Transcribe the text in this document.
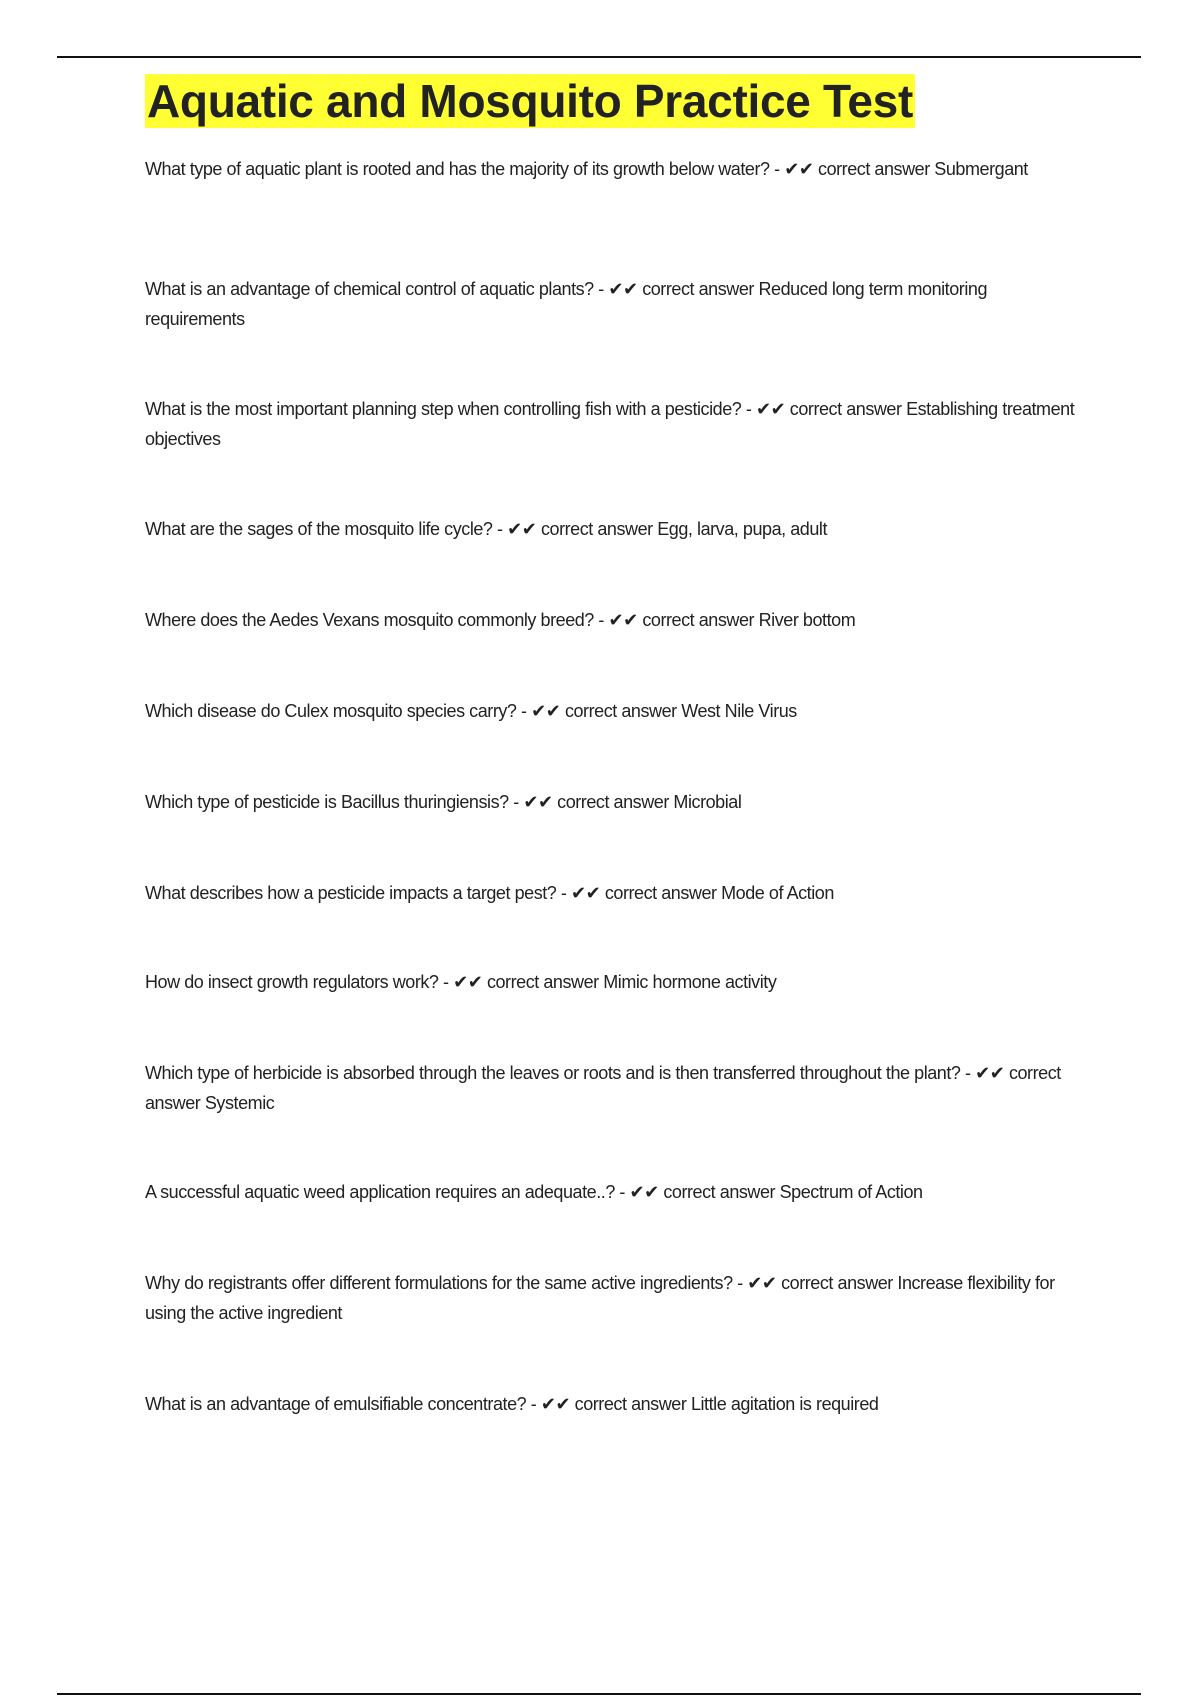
Aquatic and Mosquito Practice Test
What type of aquatic plant is rooted and has the majority of its growth below water? - ✔✔ correct answer Submergant
What is an advantage of chemical control of aquatic plants? - ✔✔ correct answer Reduced long term monitoring requirements
What is the most important planning step when controlling fish with a pesticide? - ✔✔ correct answer Establishing treatment objectives
What are the sages of the mosquito life cycle? - ✔✔ correct answer Egg, larva, pupa, adult
Where does the Aedes Vexans mosquito commonly breed? - ✔✔ correct answer River bottom
Which disease do Culex mosquito species carry? - ✔✔ correct answer West Nile Virus
Which type of pesticide is Bacillus thuringiensis? - ✔✔ correct answer Microbial
What describes how a pesticide impacts a target pest? - ✔✔ correct answer Mode of Action
How do insect growth regulators work? - ✔✔ correct answer Mimic hormone activity
Which type of herbicide is absorbed through the leaves or roots and is then transferred throughout the plant? - ✔✔ correct answer Systemic
A successful aquatic weed application requires an adequate..? - ✔✔ correct answer Spectrum of Action
Why do registrants offer different formulations for the same active ingredients? - ✔✔ correct answer Increase flexibility for using the active ingredient
What is an advantage of emulsifiable concentrate? - ✔✔ correct answer Little agitation is required
